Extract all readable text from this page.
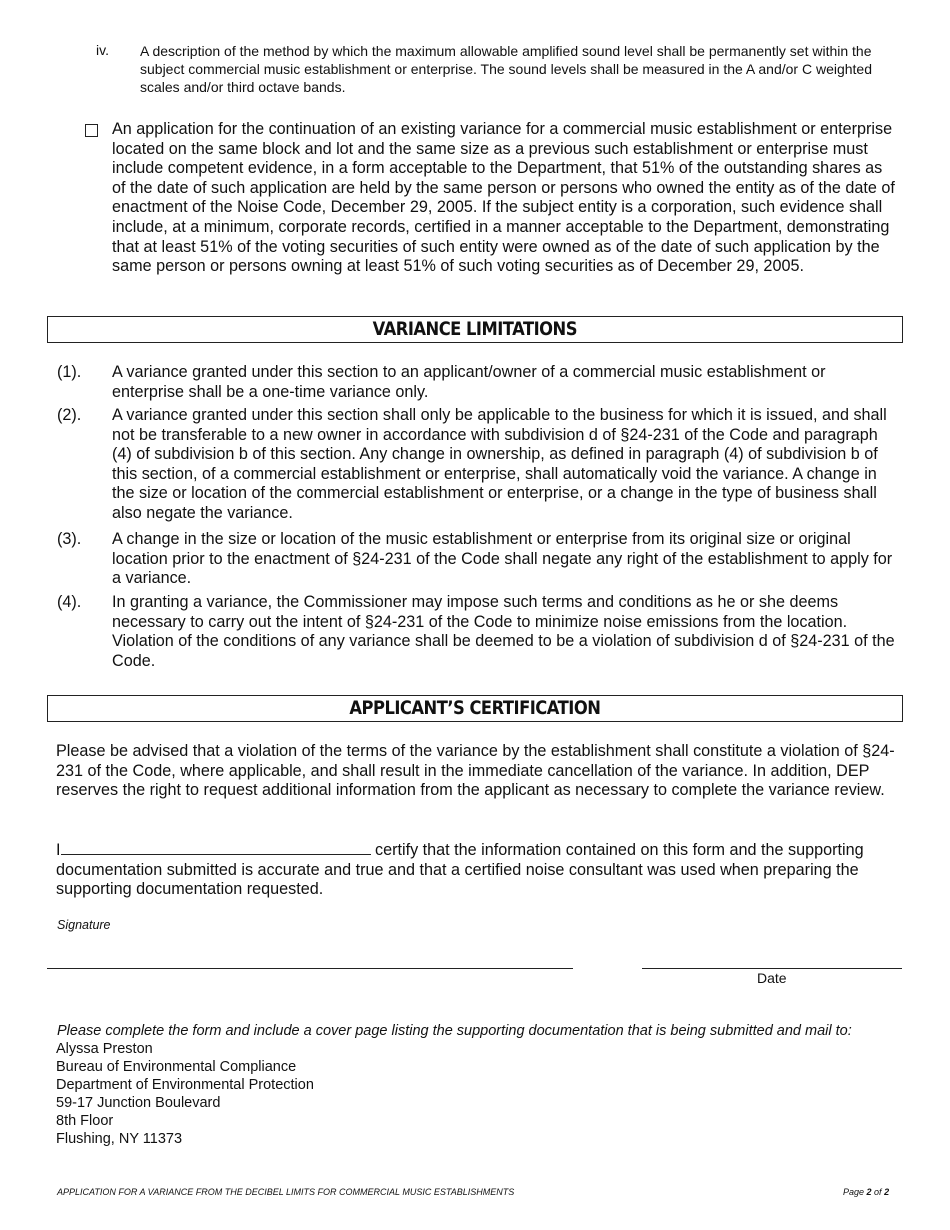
iv. A description of the method by which the maximum allowable amplified sound level shall be permanently set within the subject commercial music establishment or enterprise. The sound levels shall be measured in the A and/or C weighted scales and/or third octave bands.
An application for the continuation of an existing variance for a commercial music establishment or enterprise located on the same block and lot and the same size as a previous such establishment or enterprise must include competent evidence, in a form acceptable to the Department, that 51% of the outstanding shares as of the date of such application are held by the same person or persons who owned the entity as of the date of enactment of the Noise Code, December 29, 2005. If the subject entity is a corporation, such evidence shall include, at a minimum, corporate records, certified in a manner acceptable to the Department, demonstrating that at least 51% of the voting securities of such entity were owned as of the date of such application by the same person or persons owning at least 51% of such voting securities as of December 29, 2005.
VARIANCE LIMITATIONS
(1). A variance granted under this section to an applicant/owner of a commercial music establishment or enterprise shall be a one-time variance only.
(2). A variance granted under this section shall only be applicable to the business for which it is issued, and shall not be transferable to a new owner in accordance with subdivision d of §24-231 of the Code and paragraph (4) of subdivision b of this section. Any change in ownership, as defined in paragraph (4) of subdivision b of this section, of a commercial establishment or enterprise, shall automatically void the variance. A change in the size or location of the commercial establishment or enterprise, or a change in the type of business shall also negate the variance.
(3). A change in the size or location of the music establishment or enterprise from its original size or original location prior to the enactment of §24-231 of the Code shall negate any right of the establishment to apply for a variance.
(4). In granting a variance, the Commissioner may impose such terms and conditions as he or she deems necessary to carry out the intent of §24-231 of the Code to minimize noise emissions from the location. Violation of the conditions of any variance shall be deemed to be a violation of subdivision d of §24-231 of the Code.
APPLICANT’S CERTIFICATION
Please be advised that a violation of the terms of the variance by the establishment shall constitute a violation of §24-231 of the Code, where applicable, and shall result in the immediate cancellation of the variance. In addition, DEP reserves the right to request additional information from the applicant as necessary to complete the variance review.
I	certify that the information contained on this form and the supporting documentation submitted is accurate and true and that a certified noise consultant was used when preparing the supporting documentation requested.
Signature
Date
Please complete the form and include a cover page listing the supporting documentation that is being submitted and mail to:
Alyssa Preston
Bureau of Environmental Compliance
Department of Environmental Protection
59-17 Junction Boulevard
8th Floor
Flushing, NY 11373
APPLICATION FOR A VARIANCE FROM THE DECIBEL LIMITS FOR COMMERCIAL MUSIC ESTABLISHMENTS	Page 2 of 2
